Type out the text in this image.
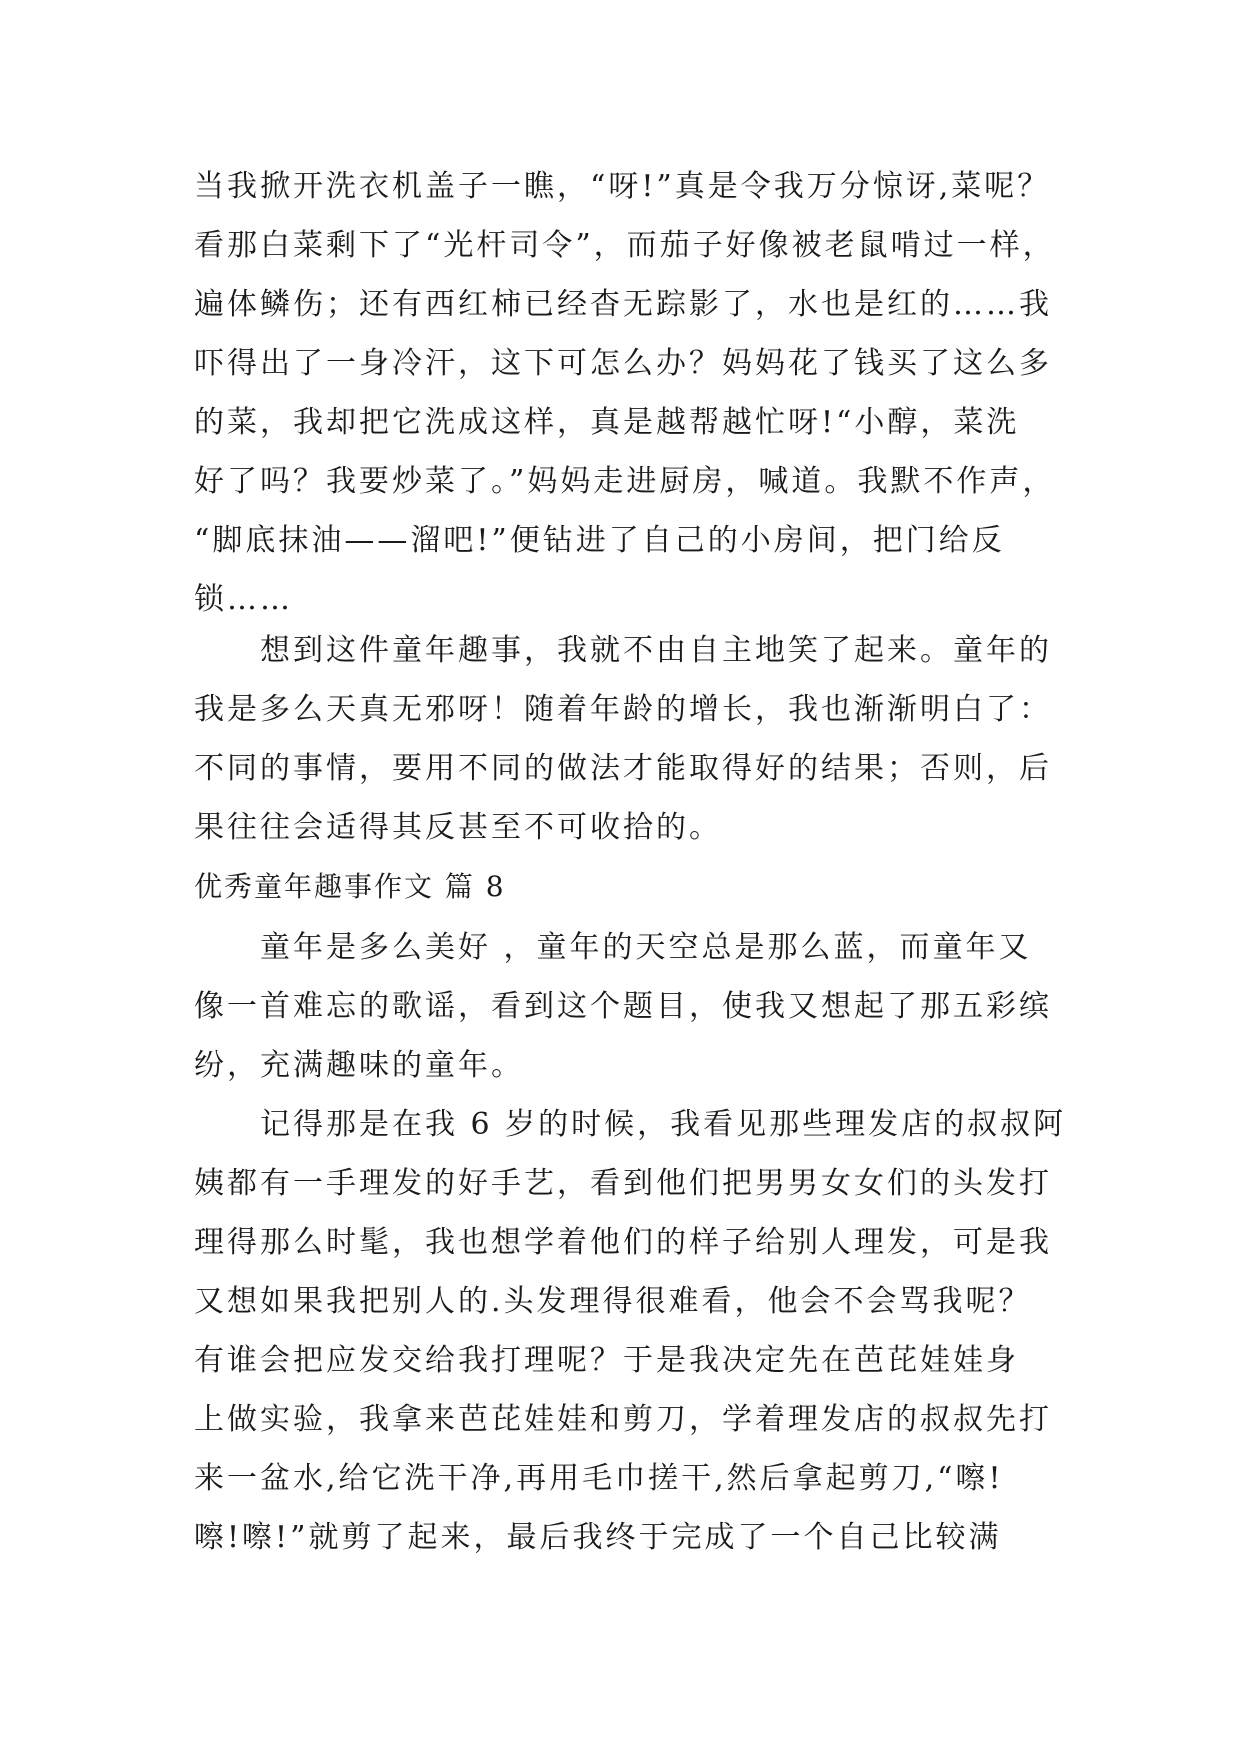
当我掀开洗衣机盖子一瞧，“呀!”真是令我万分惊讶,菜呢？
看那白菜剩下了“光杆司令”，而茄子好像被老鼠啃过一样，
遍体鳞伤；还有西红柿已经杳无踪影了，水也是红的……我
吓得出了一身冷汗，这下可怎么办？妈妈花了钱买了这么多
的菜，我却把它洗成这样，真是越帮越忙呀!“小醇，菜洗
好了吗？我要炒菜了。”妈妈走进厨房，喊道。我默不作声，
“脚底抹油——溜吧!”便钻进了自己的小房间，把门给反
锁……
　　想到这件童年趣事，我就不由自主地笑了起来。童年的
我是多么天真无邪呀！随着年龄的增长，我也渐渐明白了：
不同的事情，要用不同的做法才能取得好的结果；否则，后
果往往会适得其反甚至不可收拾的。
优秀童年趣事作文 篇 8
　　童年是多么美好 ，童年的天空总是那么蓝，而童年又
像一首难忘的歌谣，看到这个题目，使我又想起了那五彩缤
纷，充满趣味的童年。
　　记得那是在我 6 岁的时候，我看见那些理发店的叔叔阿
姨都有一手理发的好手艺，看到他们把男男女女们的头发打
理得那么时髦，我也想学着他们的样子给别人理发，可是我
又想如果我把别人的.头发理得很难看，他会不会骂我呢？
有谁会把应发交给我打理呢？于是我决定先在芭芘娃娃身
上做实验，我拿来芭芘娃娃和剪刀，学着理发店的叔叔先打
来一盆水,给它洗干净,再用毛巾搓干,然后拿起剪刀,“嚓!
嚓!嚓!”就剪了起来，最后我终于完成了一个自己比较满
